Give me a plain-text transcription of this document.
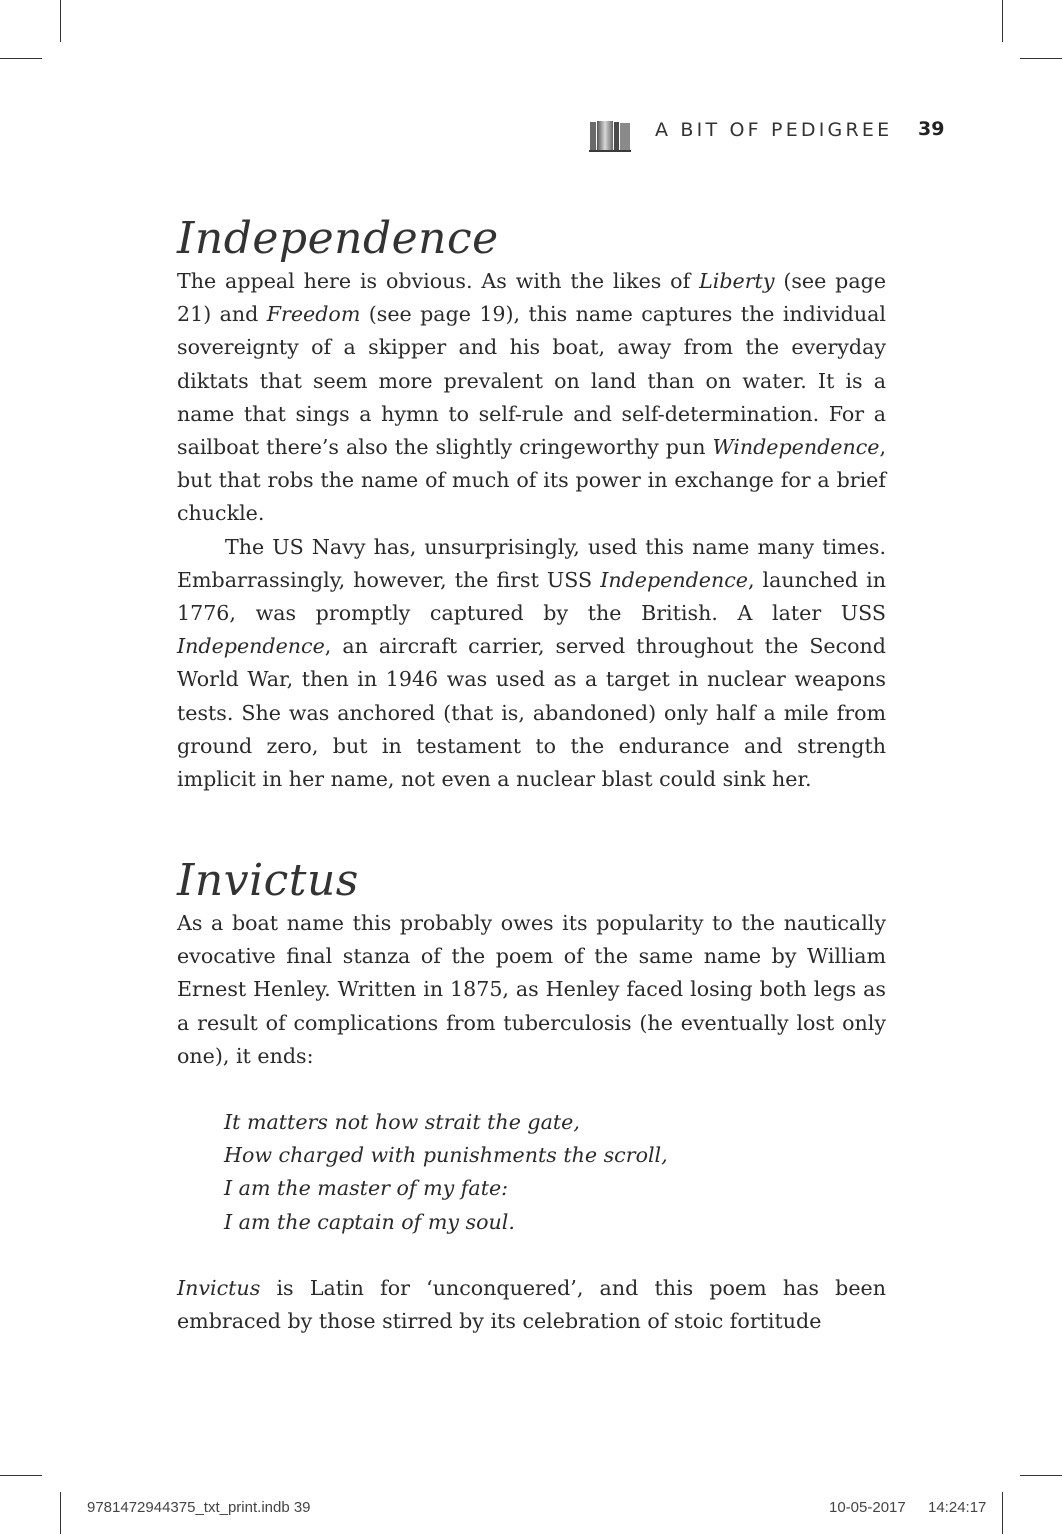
A BIT OF PEDIGREE 39
Independence

The appeal here is obvious. As with the likes of Liberty (see page 21) and Freedom (see page 19), this name captures the individual sovereignty of a skipper and his boat, away from the everyday diktats that seem more prevalent on land than on water. It is a name that sings a hymn to self-rule and self-determination. For a sailboat there’s also the slightly cringeworthy pun Windependence, but that robs the name of much of its power in exchange for a brief chuckle.

The US Navy has, unsurprisingly, used this name many times. Embarrassingly, however, the first USS Independence, launched in 1776, was promptly captured by the British. A later USS Independence, an aircraft carrier, served throughout the Second World War, then in 1946 was used as a target in nuclear weapons tests. She was anchored (that is, abandoned) only half a mile from ground zero, but in testament to the endurance and strength implicit in her name, not even a nuclear blast could sink her.

Invictus

As a boat name this probably owes its popularity to the nautically evocative final stanza of the poem of the same name by William Ernest Henley. Written in 1875, as Henley faced losing both legs as a result of complications from tuberculosis (he eventually lost only one), it ends:

It matters not how strait the gate,
How charged with punishments the scroll,
I am the master of my fate:
I am the captain of my soul.

Invictus is Latin for ‘unconquered’, and this poem has been embraced by those stirred by its celebration of stoic fortitude

9781472944375_txt_print.indb 39	10-05-2017 14:24:17
